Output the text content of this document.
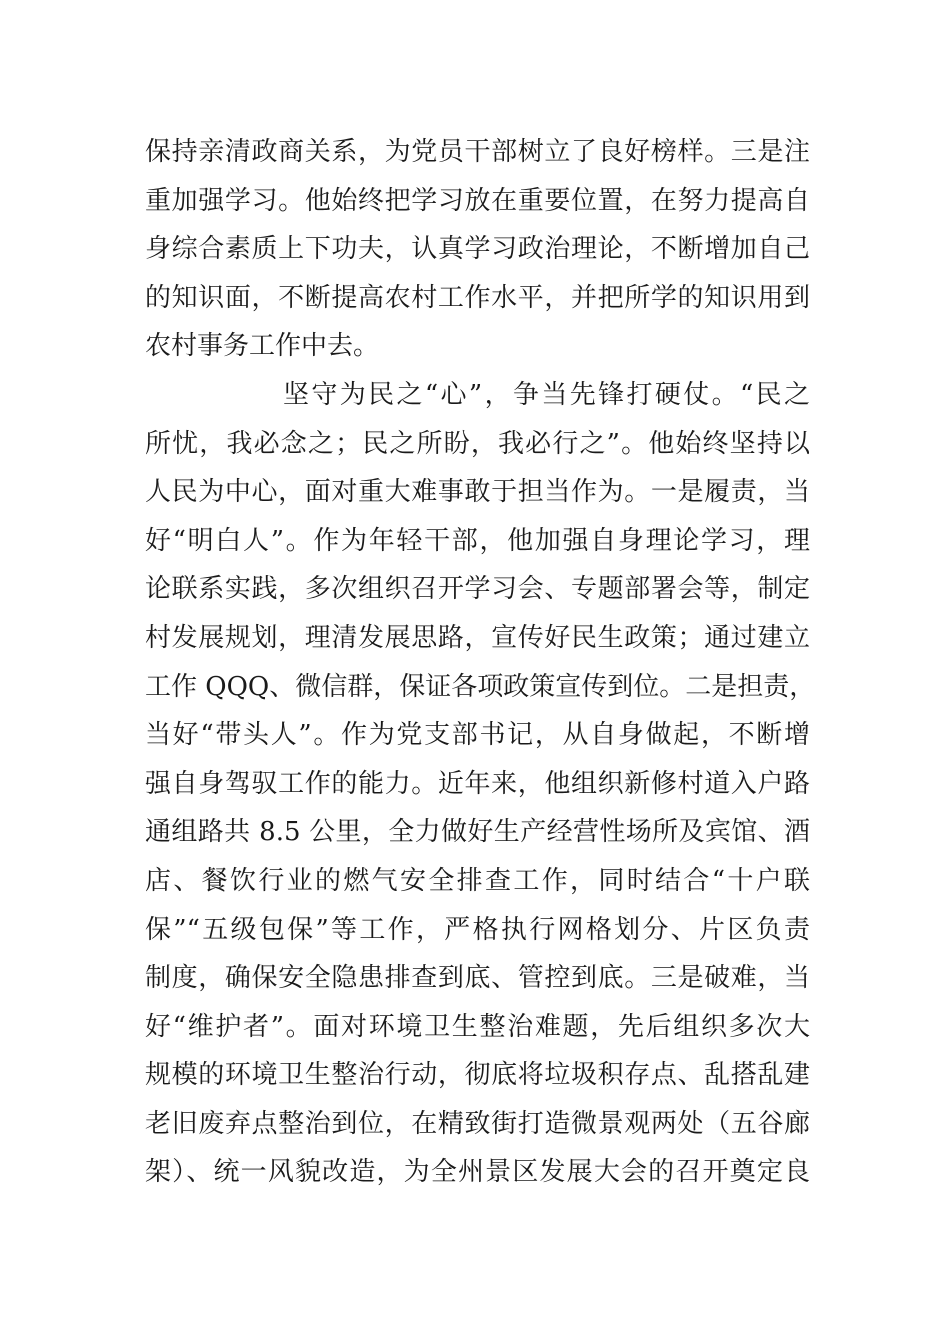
保持亲清政商关系，为党员干部树立了良好榜样。三是注
重加强学习。他始终把学习放在重要位置，在努力提高自
身综合素质上下功夫，认真学习政治理论，不断增加自己
的知识面，不断提高农村工作水平，并把所学的知识用到
农村事务工作中去。
坚守为民之“心”，争当先锋打硬仗。“民之
所忧，我必念之；民之所盼，我必行之”。他始终坚持以
人民为中心，面对重大难事敢于担当作为。一是履责，当
好“明白人”。作为年轻干部，他加强自身理论学习，理
论联系实践，多次组织召开学习会、专题部署会等，制定
村发展规划，理清发展思路，宣传好民生政策；通过建立
工作 QQQ、微信群，保证各项政策宣传到位。二是担责，
当好“带头人”。作为党支部书记，从自身做起，不断增
强自身驾驭工作的能力。近年来，他组织新修村道入户路
通组路共 8.5 公里，全力做好生产经营性场所及宾馆、酒
店、餐饮行业的燃气安全排查工作，同时结合“十户联
保”“五级包保”等工作，严格执行网格划分、片区负责
制度，确保安全隐患排查到底、管控到底。三是破难，当
好“维护者”。面对环境卫生整治难题，先后组织多次大
规模的环境卫生整治行动，彻底将垃圾积存点、乱搭乱建
老旧废弃点整治到位，在精致街打造微景观两处（五谷廊
架）、统一风貌改造，为全州景区发展大会的召开奠定良
